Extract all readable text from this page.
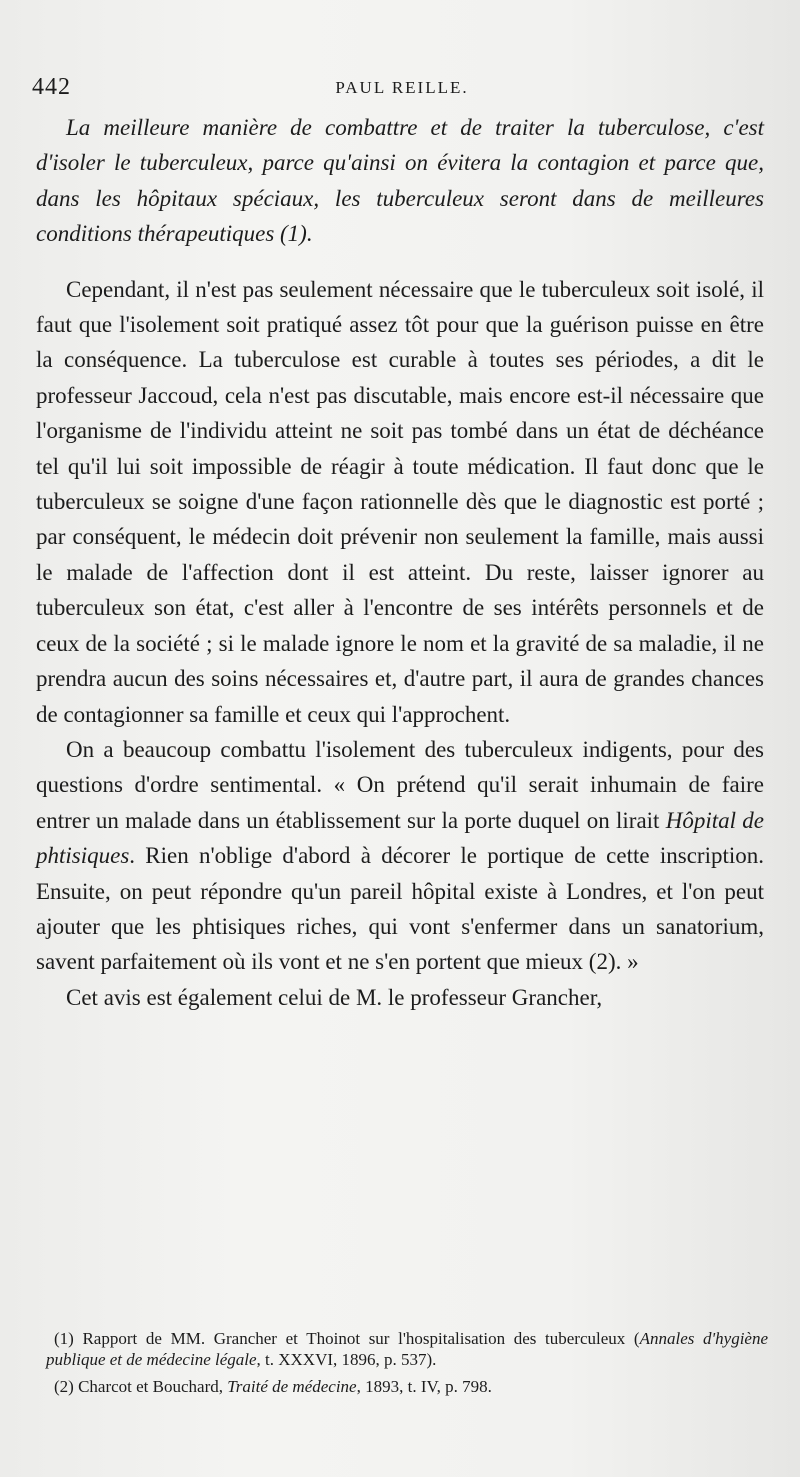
442	PAUL REILLE.

La meilleure manière de combattre et de traiter la tuberculose, c'est d'isoler le tuberculeux, parce qu'ainsi on évitera la contagion et parce que, dans les hôpitaux spéciaux, les tuberculeux seront dans de meilleures conditions thérapeutiques (1).

Cependant, il n'est pas seulement nécessaire que le tuberculeux soit isolé, il faut que l'isolement soit pratiqué assez tôt pour que la guérison puisse en être la conséquence. La tuberculose est curable à toutes ses périodes, a dit le professeur Jaccoud, cela n'est pas discutable, mais encore est-il nécessaire que l'organisme de l'individu atteint ne soit pas tombé dans un état de déchéance tel qu'il lui soit impossible de réagir à toute médication. Il faut donc que le tuberculeux se soigne d'une façon rationnelle dès que le diagnostic est porté ; par conséquent, le médecin doit prévenir non seulement la famille, mais aussi le malade de l'affection dont il est atteint. Du reste, laisser ignorer au tuberculeux son état, c'est aller à l'encontre de ses intérêts personnels et de ceux de la société ; si le malade ignore le nom et la gravité de sa maladie, il ne prendra aucun des soins nécessaires et, d'autre part, il aura de grandes chances de contagionner sa famille et ceux qui l'approchent.

On a beaucoup combattu l'isolement des tuberculeux indigents, pour des questions d'ordre sentimental. « On prétend qu'il serait inhumain de faire entrer un malade dans un établissement sur la porte duquel on lirait Hôpital de phtisiques. Rien n'oblige d'abord à décorer le portique de cette inscription. Ensuite, on peut répondre qu'un pareil hôpital existe à Londres, et l'on peut ajouter que les phtisiques riches, qui vont s'enfermer dans un sanatorium, savent parfaitement où ils vont et ne s'en portent que mieux (2). »

Cet avis est également celui de M. le professeur Grancher,

(1) Rapport de MM. Grancher et Thoinot sur l'hospitalisation des tuberculeux (Annales d'hygiène publique et de médecine légale, t. XXXVI, 1896, p. 537).

(2) Charcot et Bouchard, Traité de médecine, 1893, t. IV, p. 798.
